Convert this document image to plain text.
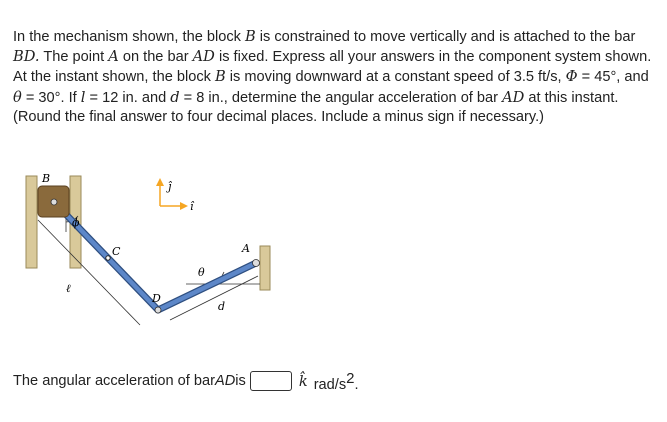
In the mechanism shown, the block B is constrained to move vertically and is attached to the bar BD. The point A on the bar AD is fixed. Express all your answers in the component system shown. At the instant shown, the block B is moving downward at a constant speed of 3.5 ft/s, Φ = 45°, and θ = 30°. If l = 12 in. and d = 8 in., determine the angular acceleration of bar AD at this instant. (Round the final answer to four decimal places. Include a minus sign if necessary.)

B
ϕ
C
ℓ
D
θ
A
d
ĵ
î
The angular acceleration of bar AD is	k̂ rad/$s^2$.
